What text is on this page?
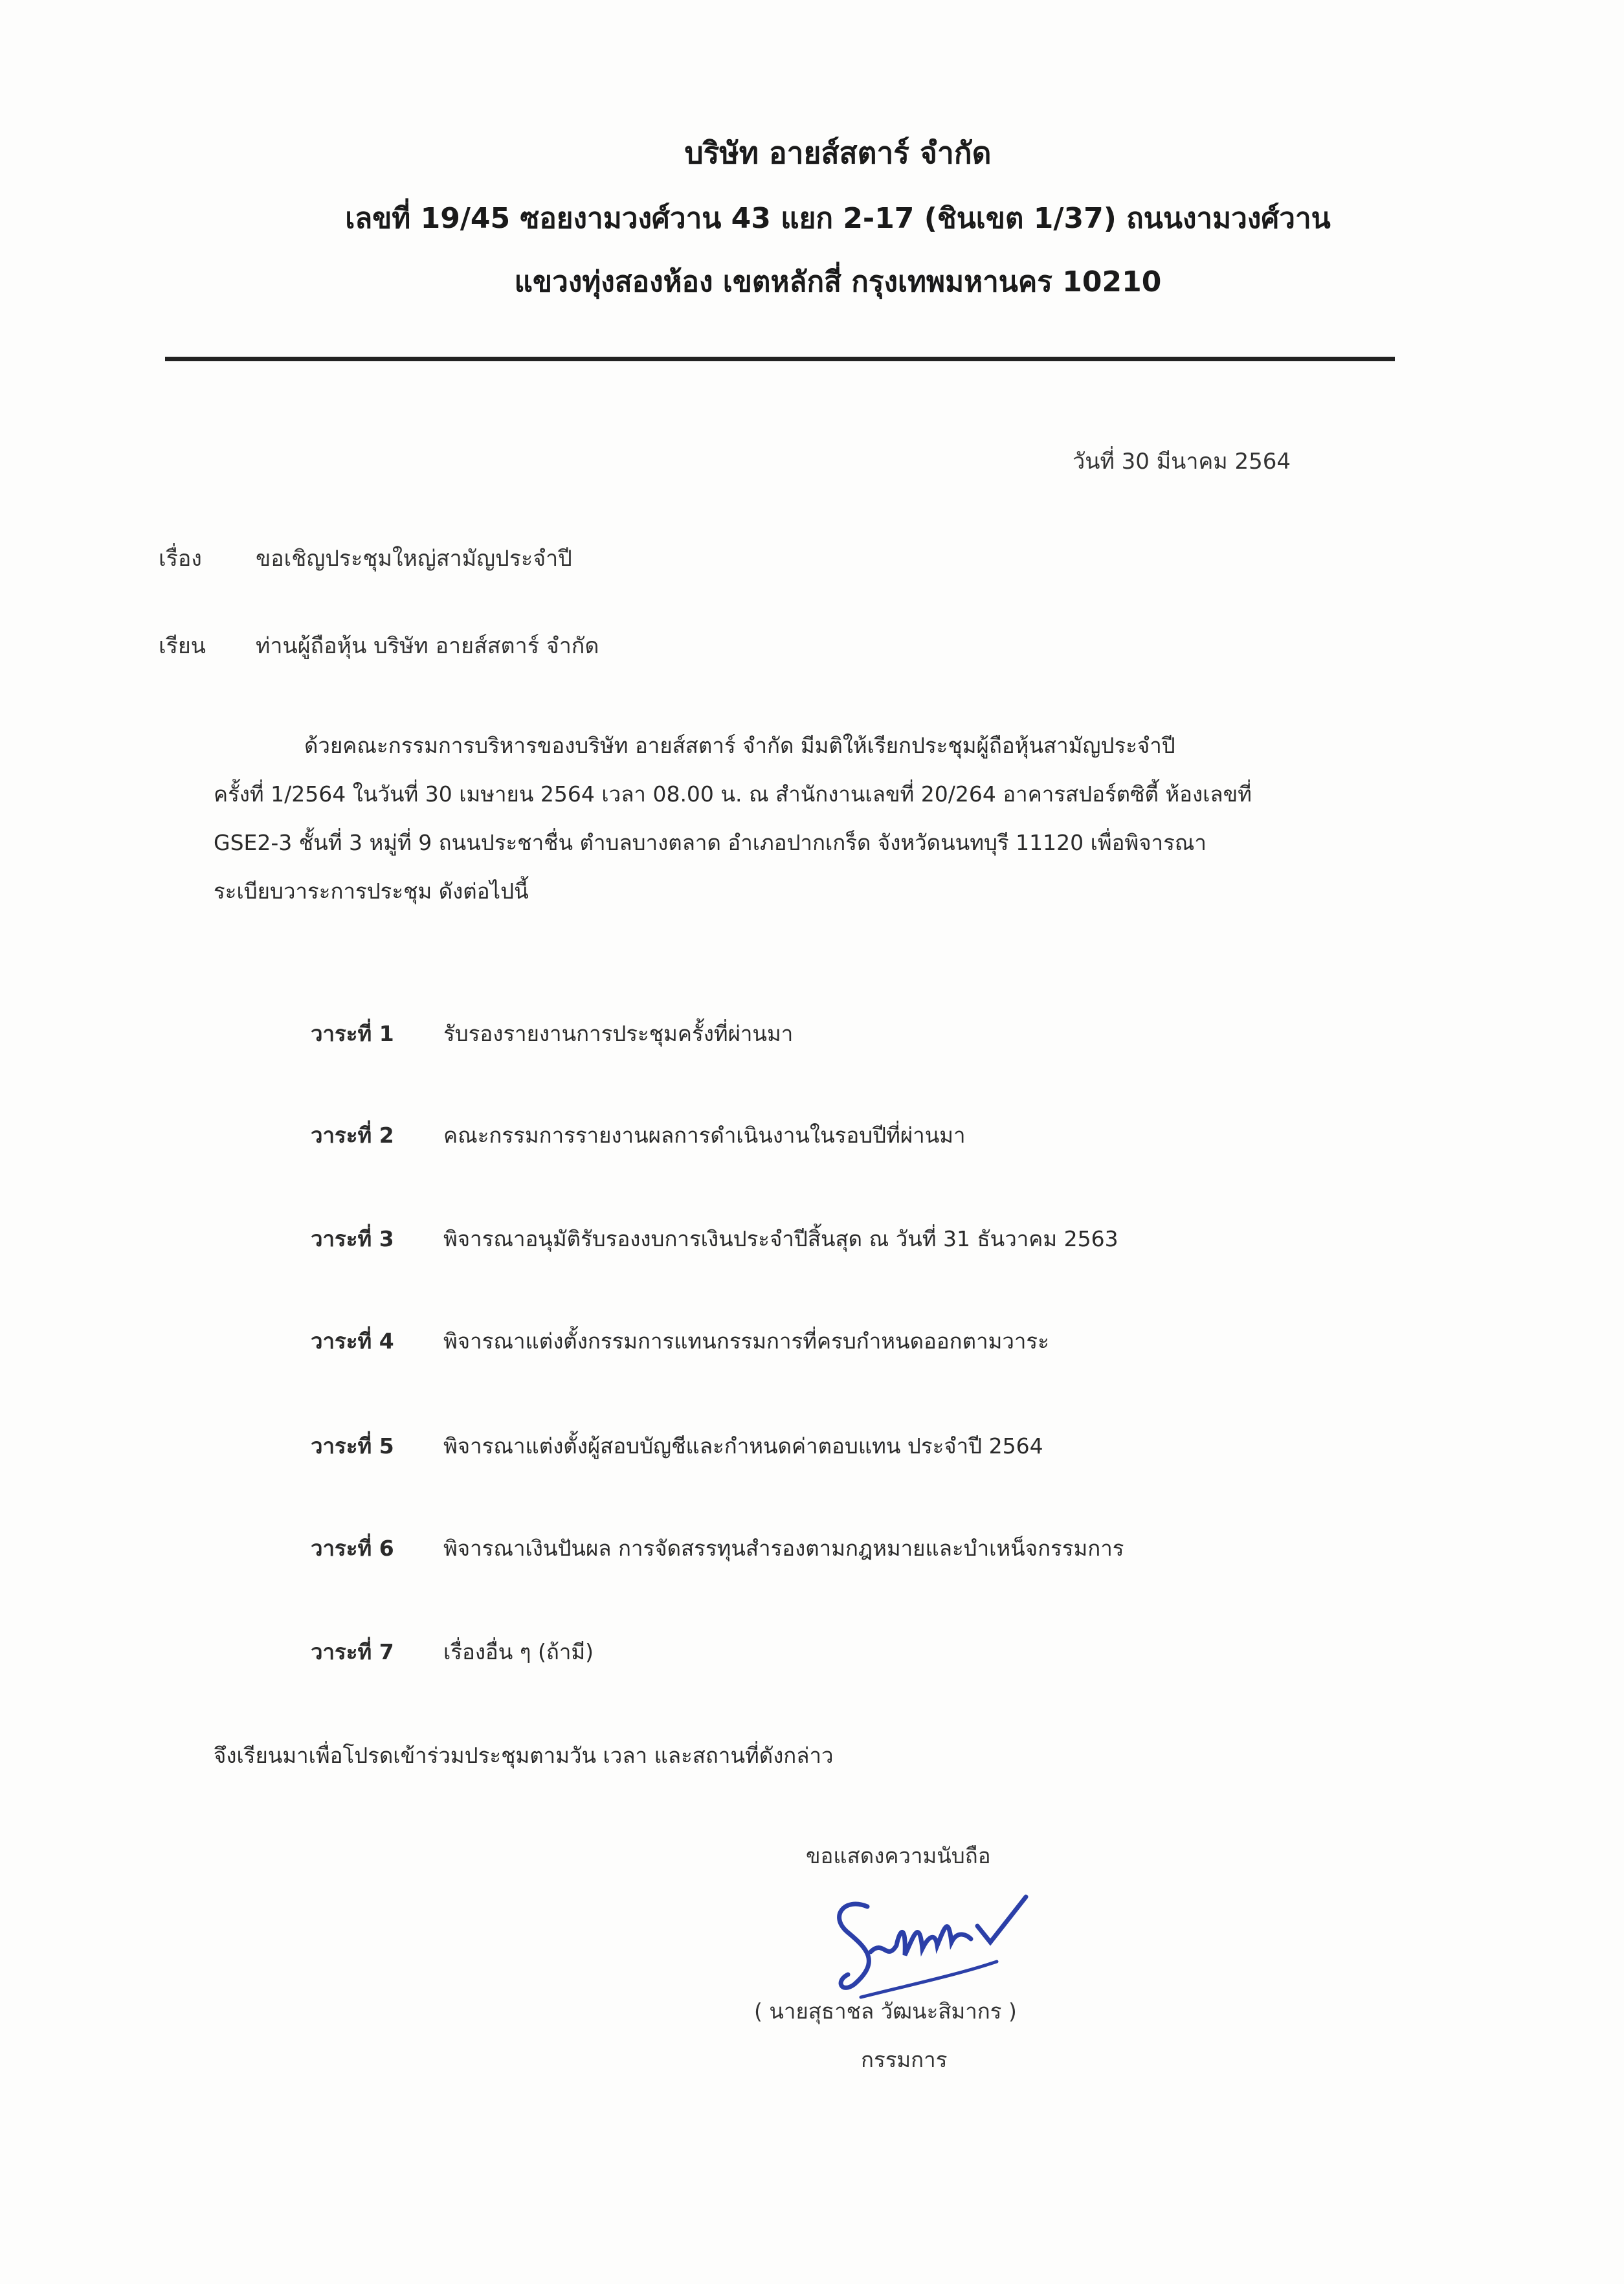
บริษัท อายส์สตาร์ จำกัด
เลขที่ 19/45 ซอยงามวงศ์วาน 43 แยก 2-17 (ชินเขต 1/37) ถนนงามวงศ์วาน
แขวงทุ่งสองห้อง เขตหลักสี่ กรุงเทพมหานคร 10210
วันที่ 30 มีนาคม 2564
เรื่อง ขอเชิญประชุมใหญ่สามัญประจำปี
เรียน ท่านผู้ถือหุ้น บริษัท อายส์สตาร์ จำกัด
ด้วยคณะกรรมการบริหารของบริษัท อายส์สตาร์ จำกัด มีมติให้เรียกประชุมผู้ถือหุ้นสามัญประจำปี
ครั้งที่ 1/2564 ในวันที่ 30 เมษายน 2564 เวลา 08.00 น. ณ สำนักงานเลขที่ 20/264 อาคารสปอร์ตซิตี้ ห้องเลขที่
GSE2-3 ชั้นที่ 3 หมู่ที่ 9 ถนนประชาชื่น ตำบลบางตลาด อำเภอปากเกร็ด จังหวัดนนทบุรี 11120 เพื่อพิจารณา
ระเบียบวาระการประชุม ดังต่อไปนี้
วาระที่ 1 รับรองรายงานการประชุมครั้งที่ผ่านมา
วาระที่ 2 คณะกรรมการรายงานผลการดำเนินงานในรอบปีที่ผ่านมา
วาระที่ 3 พิจารณาอนุมัติรับรองงบการเงินประจำปีสิ้นสุด ณ วันที่ 31 ธันวาคม 2563
วาระที่ 4 พิจารณาแต่งตั้งกรรมการแทนกรรมการที่ครบกำหนดออกตามวาระ
วาระที่ 5 พิจารณาแต่งตั้งผู้สอบบัญชีและกำหนดค่าตอบแทน ประจำปี 2564
วาระที่ 6 พิจารณาเงินปันผล การจัดสรรทุนสำรองตามกฎหมายและบำเหน็จกรรมการ
วาระที่ 7 เรื่องอื่น ๆ (ถ้ามี)
จึงเรียนมาเพื่อโปรดเข้าร่วมประชุมตามวัน เวลา และสถานที่ดังกล่าว
ขอแสดงความนับถือ
( นายสุธาชล วัฒนะสิมากร )
กรรมการ
